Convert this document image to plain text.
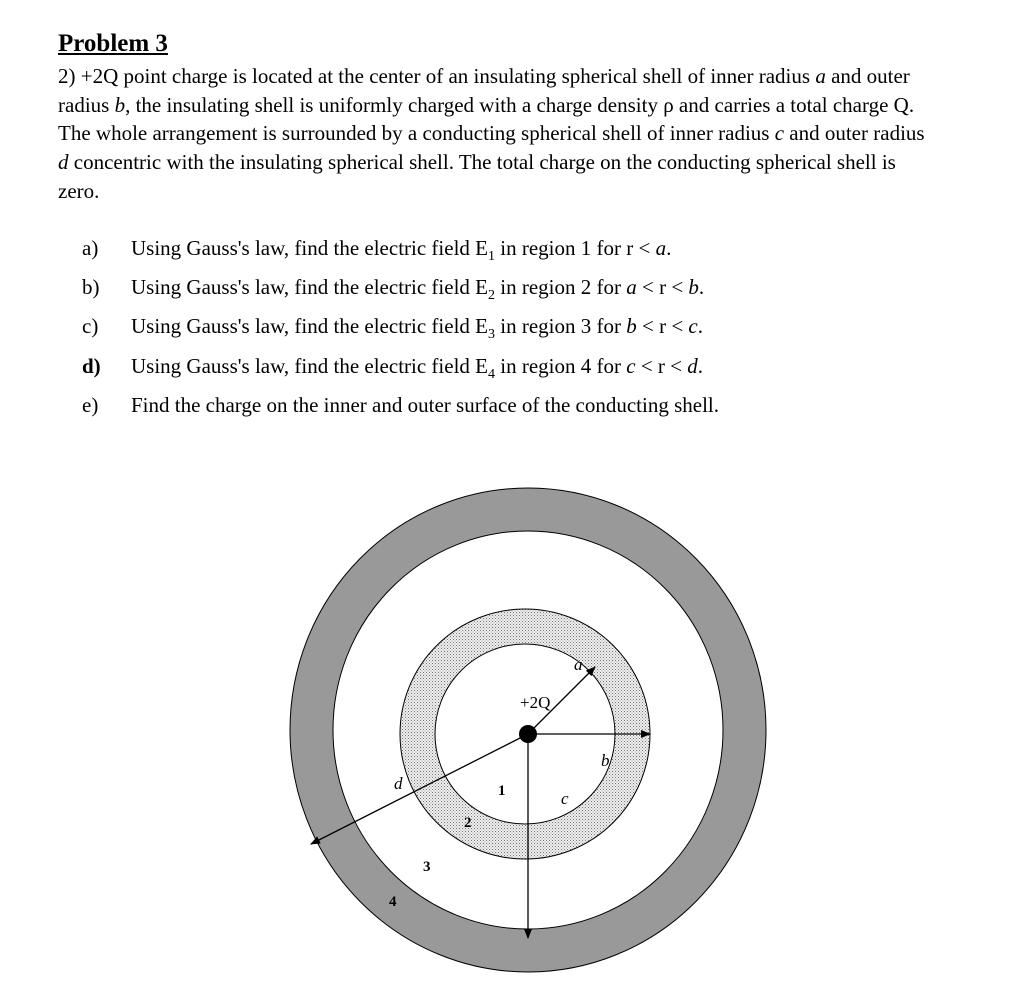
Problem 3
2) +2Q point charge is located at the center of an insulating spherical shell of inner radius a and outer radius b, the insulating shell is uniformly charged with a charge density ρ and carries a total charge Q. The whole arrangement is surrounded by a conducting spherical shell of inner radius c and outer radius d concentric with the insulating spherical shell. The total charge on the conducting spherical shell is zero.
a)	Using Gauss's law, find the electric field $E_1$ in region 1 for r < a.
b)	Using Gauss's law, find the electric field $E_2$ in region 2 for a < r < b.
c)	Using Gauss's law, find the electric field $E_3$ in region 3 for b < r < c.
d)	Using Gauss's law, find the electric field $E_4$ in region 4 for c < r < d.
e)	Find the charge on the inner and outer surface of the conducting shell.
+2Q
a
b
c
d	1
2
3
4
